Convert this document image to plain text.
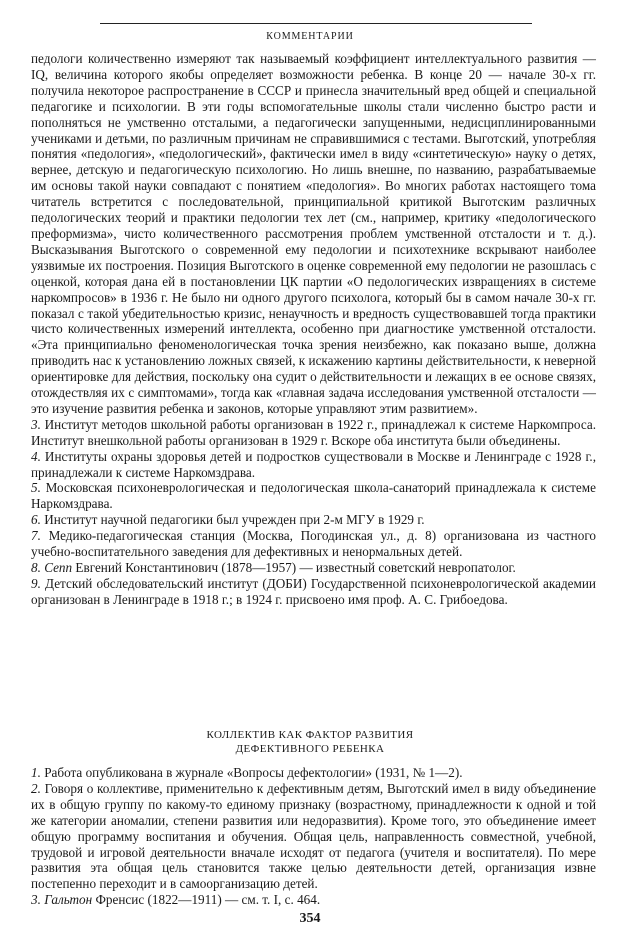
КОММЕНТАРИИ

педологи количественно измеряют так называемый коэффициент интеллектуального развития — IQ, величина которого якобы определяет возможности ребенка. В конце 20 — начале 30-х гг. получила некоторое распространение в СССР и принесла значительный вред общей и специальной педагогике и психологии. В эти годы вспомогательные школы стали численно быстро расти и пополняться не умственно отсталыми, а педагогически запущенными, недисциплинированными учениками и детьми, по различным причинам не справившимися с тестами. Выготский, употребляя понятия «педология», «педологический», фактически имел в виду «синтетическую» науку о детях, вернее, детскую и педагогическую психологию. Но лишь внешне, по названию, разрабатываемые им основы такой науки совпадают с понятием «педология». Во многих работах настоящего тома читатель встретится с последовательной, принципиальной критикой Выготским различных педологических теорий и практики педологии тех лет (см., например, критику «педологического преформизма», чисто количественного рассмотрения проблем умственной отсталости и т. д.). Высказывания Выготского о современной ему педологии и психотехнике вскрывают наиболее уязвимые их построения. Позиция Выготского в оценке современной ему педологии не разошлась с оценкой, которая дана ей в постановлении ЦК партии «О педологических извращениях в системе наркомпросов» в 1936 г. Не было ни одного другого психолога, который бы в самом начале 30-х гг. показал с такой убедительностью кризис, ненаучность и вредность существовавшей тогда практики чисто количественных измерений интеллекта, особенно при диагностике умственной отсталости. «Эта принципиально феноменологическая точка зрения неизбежно, как показано выше, должна приводить нас к установлению ложных связей, к искажению картины действительности, к неверной ориентировке для действия, поскольку она судит о действительности и лежащих в ее основе связях, отождествляя их с симптомами», тогда как «главная задача исследования умственной отсталости — это изучение развития ребенка и законов, которые управляют этим развитием».

3. Институт методов школьной работы организован в 1922 г., принадлежал к системе Наркомпроса. Институт внешкольной работы организован в 1929 г. Вскоре оба института были объединены.

4. Институты охраны здоровья детей и подростков существовали в Москве и Ленинграде с 1928 г., принадлежали к системе Наркомздрава.

5. Московская психоневрологическая и педологическая школа-санаторий принадлежала к системе Наркомздрава.

6. Институт научной педагогики был учрежден при 2-м МГУ в 1929 г.

7. Медико-педагогическая станция (Москва, Погодинская ул., д. 8) организована из частного учебно-воспитательного заведения для дефективных и ненормальных детей.

8. Сепп Евгений Константинович (1878—1957) — известный советский невропатолог.

9. Детский обследовательский институт (ДОБИ) Государственной психоневрологической академии организован в Ленинграде в 1918 г.; в 1924 г. присвоено имя проф. А. С. Грибоедова.

КОЛЛЕКТИВ КАК ФАКТОР РАЗВИТИЯ
ДЕФЕКТИВНОГО РЕБЕНКА

1. Работа опубликована в журнале «Вопросы дефектологии» (1931, № 1—2).

2. Говоря о коллективе, применительно к дефективным детям, Выготский имел в виду объединение их в общую группу по какому-то единому признаку (возрастному, принадлежности к одной и той же категории аномалии, степени развития или недоразвития). Кроме того, это объединение имеет общую программу воспитания и обучения. Общая цель, направленность совместной, учебной, трудовой и игровой деятельности вначале исходят от педагога (учителя и воспитателя). По мере развития эта общая цель становится также целью деятельности детей, организация извне постепенно переходит и в самоорганизацию детей.

3. Гальтон Френсис (1822—1911) — см. т. I, с. 464.

354
